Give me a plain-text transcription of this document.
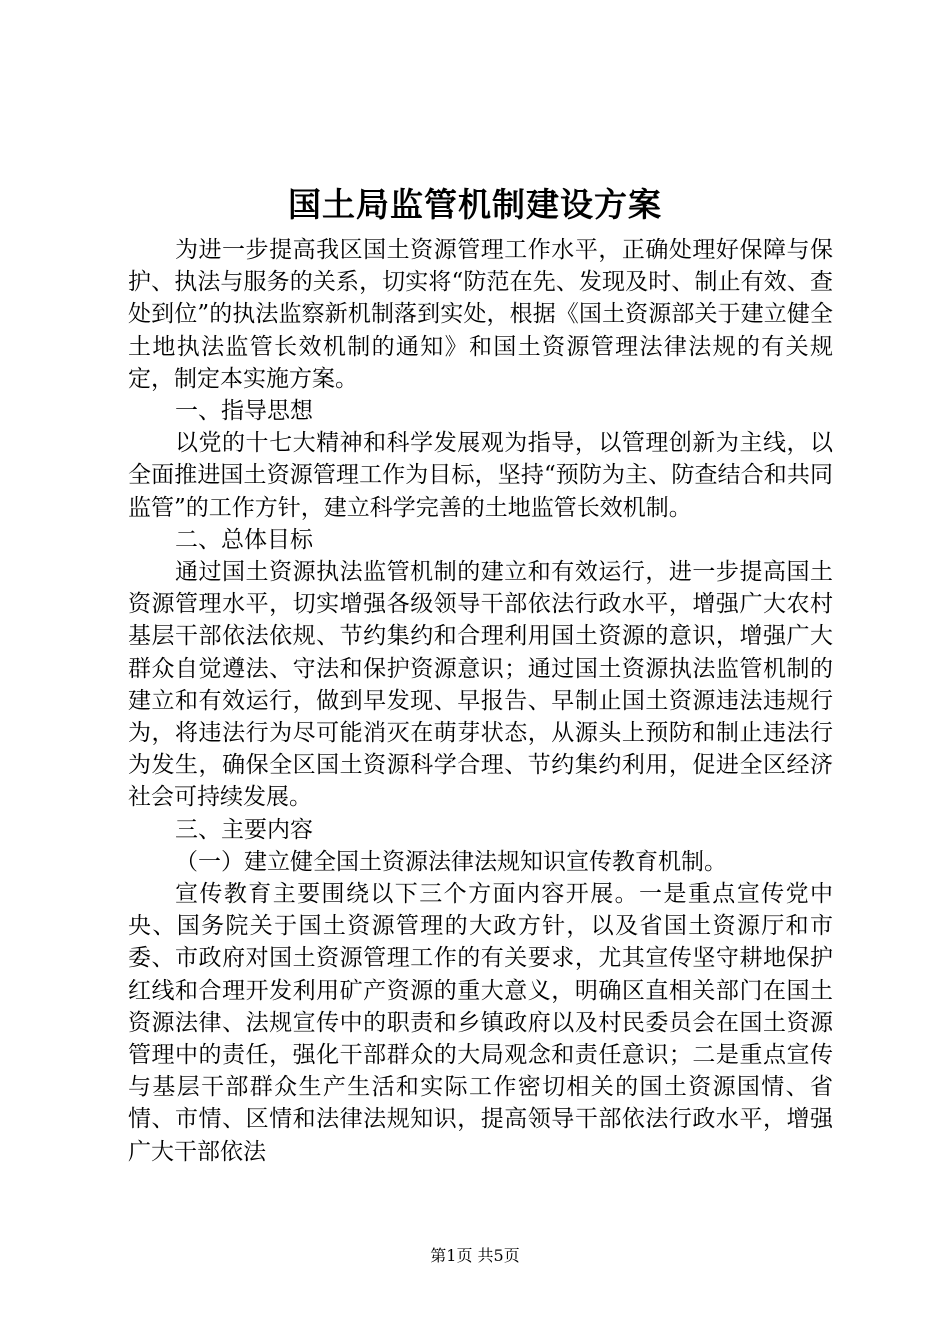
国土局监管机制建设方案

为进一步提高我区国土资源管理工作水平，正确处理好保障与保护、执法与服务的关系，切实将“防范在先、发现及时、制止有效、查处到位”的执法监察新机制落到实处，根据《国土资源部关于建立健全土地执法监管长效机制的通知》和国土资源管理法律法规的有关规定，制定本实施方案。

一、指导思想

以党的十七大精神和科学发展观为指导，以管理创新为主线，以全面推进国土资源管理工作为目标，坚持“预防为主、防查结合和共同监管”的工作方针，建立科学完善的土地监管长效机制。

二、总体目标

通过国土资源执法监管机制的建立和有效运行，进一步提高国土资源管理水平，切实增强各级领导干部依法行政水平，增强广大农村基层干部依法依规、节约集约和合理利用国土资源的意识，增强广大群众自觉遵法、守法和保护资源意识；通过国土资源执法监管机制的建立和有效运行，做到早发现、早报告、早制止国土资源违法违规行为，将违法行为尽可能消灭在萌芽状态，从源头上预防和制止违法行为发生，确保全区国土资源科学合理、节约集约利用，促进全区经济社会可持续发展。

三、主要内容

（一）建立健全国土资源法律法规知识宣传教育机制。

宣传教育主要围绕以下三个方面内容开展。一是重点宣传党中央、国务院关于国土资源管理的大政方针，以及省国土资源厅和市委、市政府对国土资源管理工作的有关要求，尤其宣传坚守耕地保护红线和合理开发利用矿产资源的重大意义，明确区直相关部门在国土资源法律、法规宣传中的职责和乡镇政府以及村民委员会在国土资源管理中的责任，强化干部群众的大局观念和责任意识；二是重点宣传与基层干部群众生产生活和实际工作密切相关的国土资源国情、省情、市情、区情和法律法规知识，提高领导干部依法行政水平，增强广大干部依法

第1页 共5页
